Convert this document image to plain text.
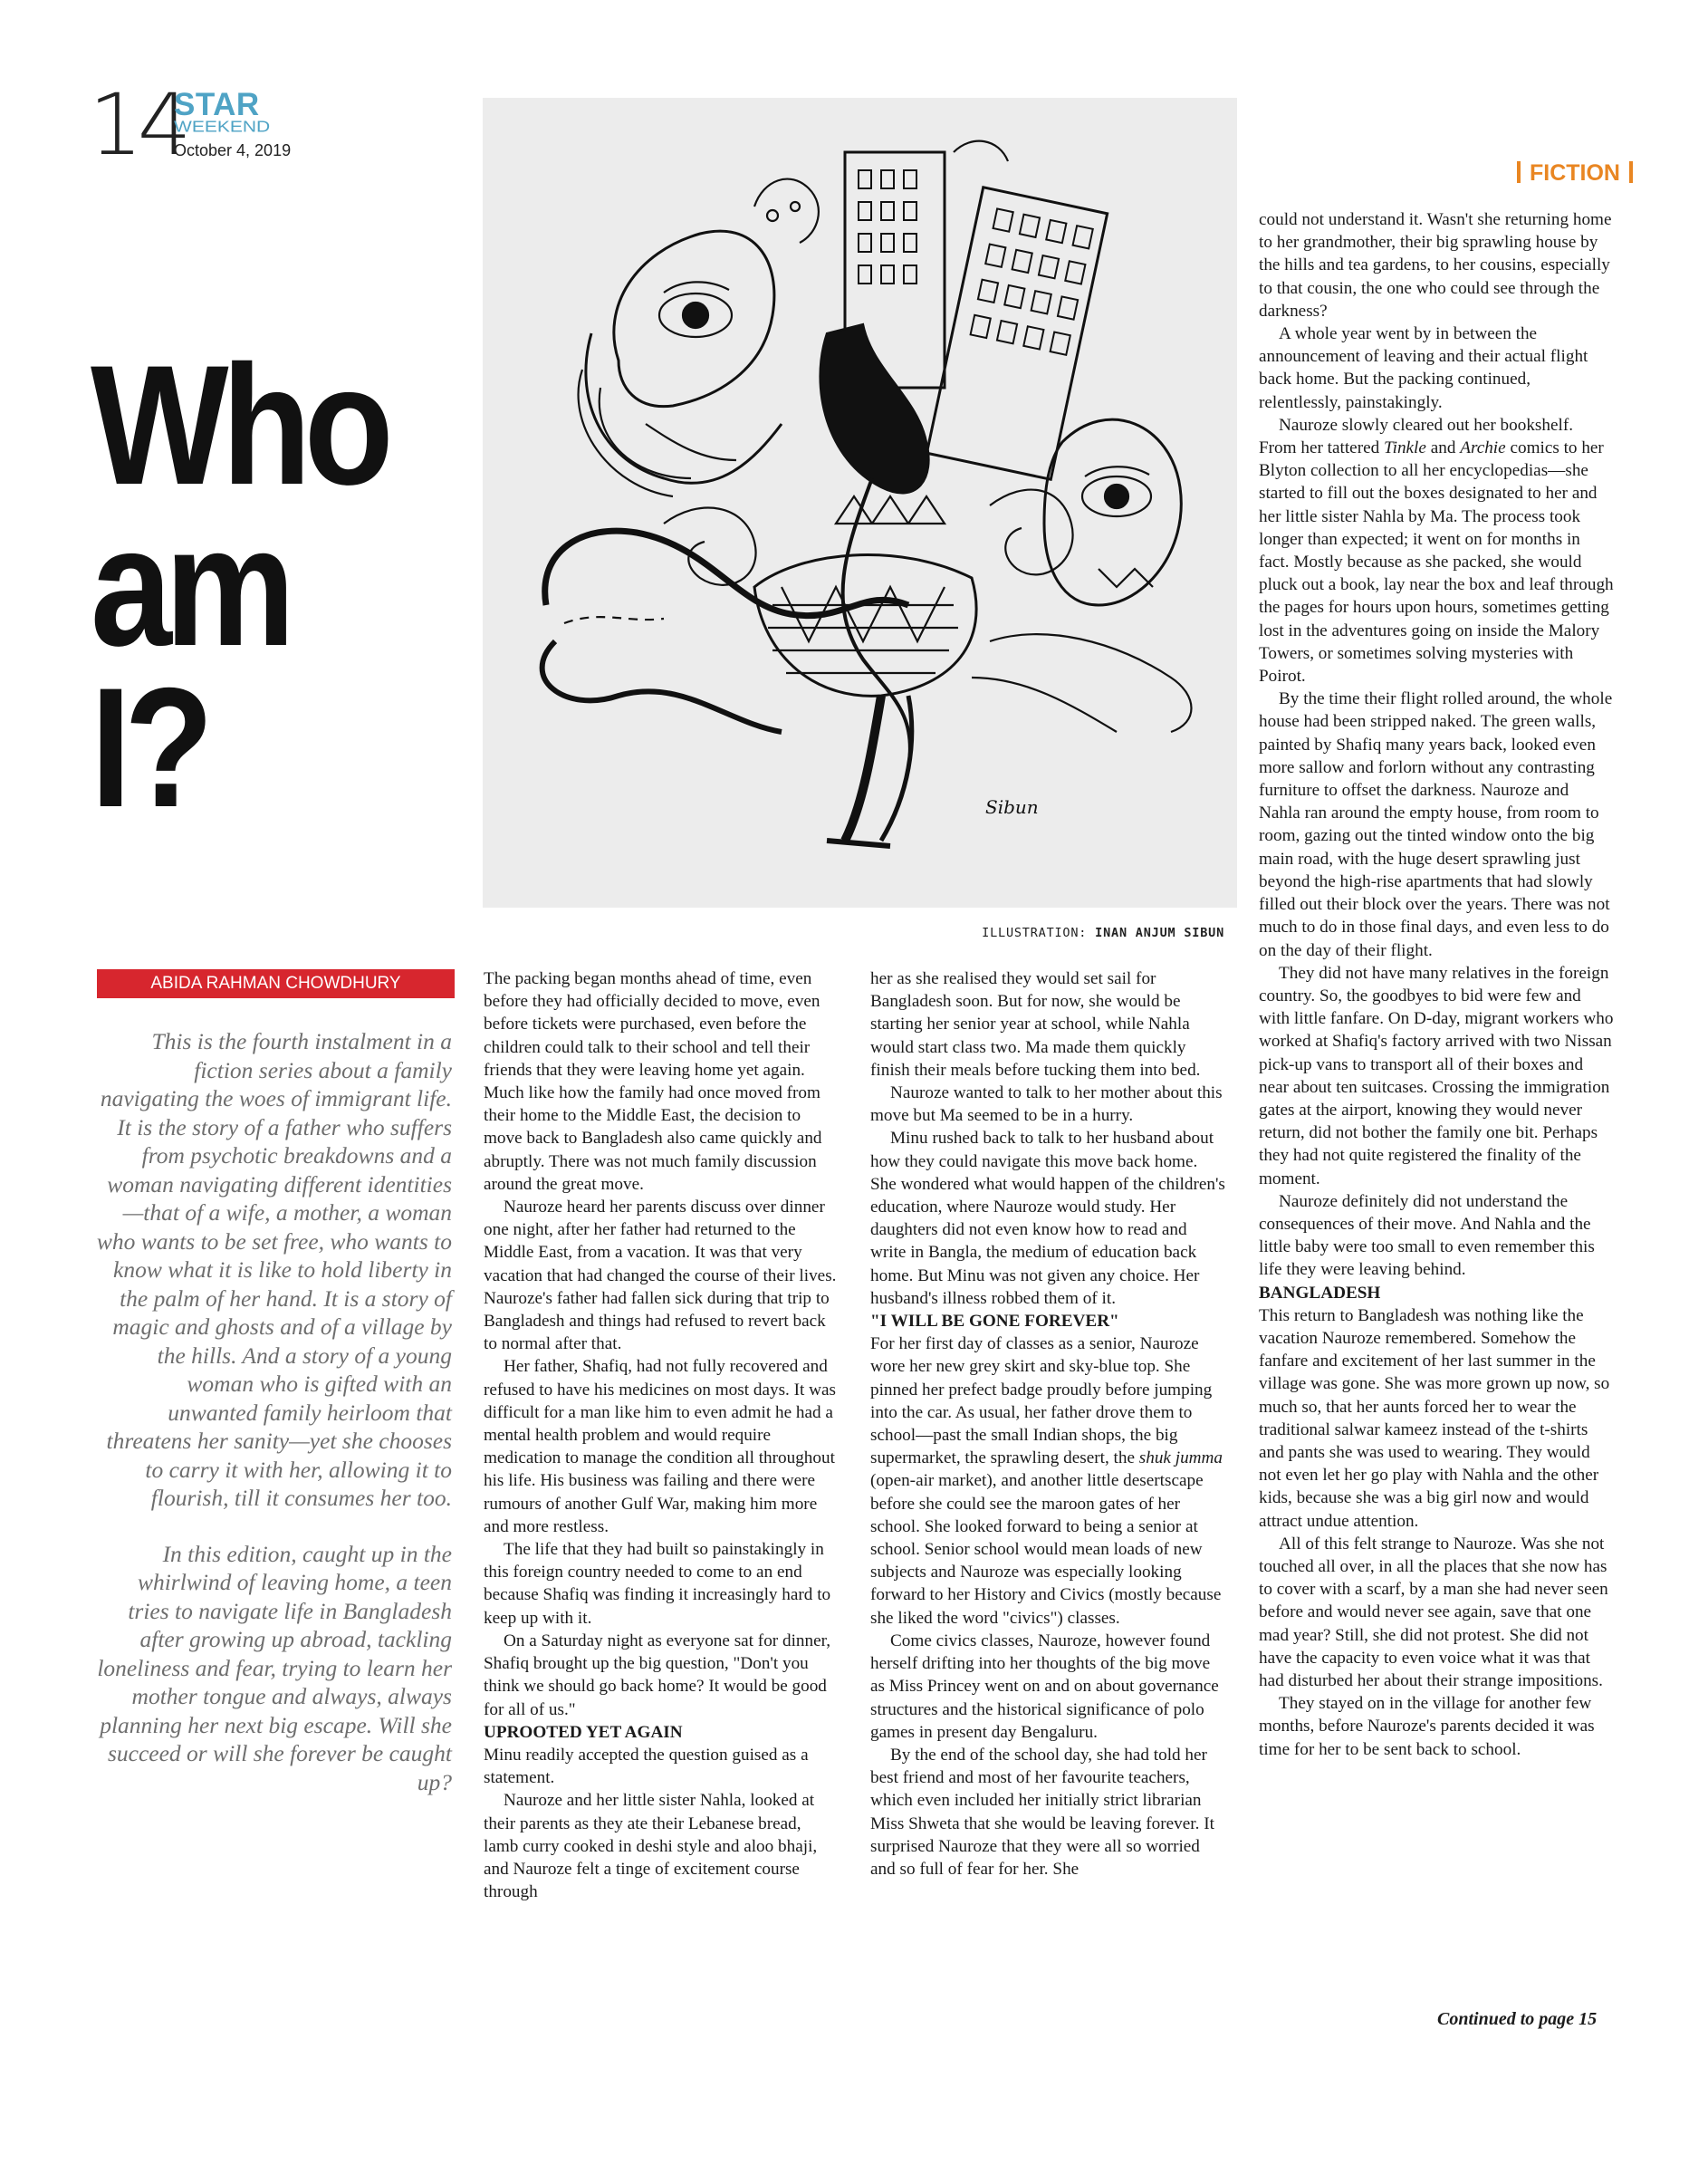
14
STAR
WEEKEND
October 4, 2019
FICTION
Who
am
I?	Sibun
ILLUSTRATION: INAN ANJUM SIBUN
ABIDA RAHMAN CHOWDHURY

This is the fourth instalment in a fiction series about a family navigating the woes of immigrant life. It is the story of a father who suffers from psychotic breakdowns and a woman navigating different identities—that of a wife, a mother, a woman who wants to be set free, who wants to know what it is like to hold liberty in the palm of her hand. It is a story of magic and ghosts and of a village by the hills. And a story of a young woman who is gifted with an unwanted family heirloom that threatens her sanity—yet she chooses to carry it with her, allowing it to flourish, till it consumes her too.

In this edition, caught up in the whirlwind of leaving home, a teen tries to navigate life in Bangladesh after growing up abroad, tackling loneliness and fear, trying to learn her mother tongue and always, always planning her next big escape. Will she succeed or will she forever be caught up?

The packing began months ahead of time, even before they had officially decided to move, even before tickets were purchased, even before the children could talk to their school and tell their friends that they were leaving home yet again. Much like how the family had once moved from their home to the Middle East, the decision to move back to Bangladesh also came quickly and abruptly. There was not much family discussion around the great move.

Nauroze heard her parents discuss over dinner one night, after her father had returned to the Middle East, from a vacation. It was that very vacation that had changed the course of their lives. Nauroze's father had fallen sick during that trip to Bangladesh and things had refused to revert back to normal after that.

Her father, Shafiq, had not fully recovered and refused to have his medicines on most days. It was difficult for a man like him to even admit he had a mental health problem and would require medication to manage the condition all throughout his life. His business was failing and there were rumours of another Gulf War, making him more and more restless.

The life that they had built so painstakingly in this foreign country needed to come to an end because Shafiq was finding it increasingly hard to keep up with it.

On a Saturday night as everyone sat for dinner, Shafiq brought up the big question, "Don't you think we should go back home? It would be good for all of us."

UPROOTED YET AGAIN

Minu readily accepted the question guised as a statement.

Nauroze and her little sister Nahla, looked at their parents as they ate their Lebanese bread, lamb curry cooked in deshi style and aloo bhaji, and Nauroze felt a tinge of excitement course through

her as she realised they would set sail for Bangladesh soon. But for now, she would be starting her senior year at school, while Nahla would start class two. Ma made them quickly finish their meals before tucking them into bed.

Nauroze wanted to talk to her mother about this move but Ma seemed to be in a hurry.

Minu rushed back to talk to her husband about how they could navigate this move back home. She wondered what would happen of the children's education, where Nauroze would study. Her daughters did not even know how to read and write in Bangla, the medium of education back home. But Minu was not given any choice. Her husband's illness robbed them of it.

"I WILL BE GONE FOREVER"

For her first day of classes as a senior, Nauroze wore her new grey skirt and sky-blue top. She pinned her prefect badge proudly before jumping into the car. As usual, her father drove them to school—past the small Indian shops, the big supermarket, the sprawling desert, the shuk jumma (open-air market), and another little desertscape before she could see the maroon gates of her school. She looked forward to being a senior at school. Senior school would mean loads of new subjects and Nauroze was especially looking forward to her History and Civics (mostly because she liked the word "civics") classes.

Come civics classes, Nauroze, however found herself drifting into her thoughts of the big move as Miss Princey went on and on about governance structures and the historical significance of polo games in present day Bengaluru.

By the end of the school day, she had told her best friend and most of her favourite teachers, which even included her initially strict librarian Miss Shweta that she would be leaving forever. It surprised Nauroze that they were all so worried and so full of fear for her. She

could not understand it. Wasn't she returning home to her grandmother, their big sprawling house by the hills and tea gardens, to her cousins, especially to that cousin, the one who could see through the darkness?

A whole year went by in between the announcement of leaving and their actual flight back home. But the packing continued, relentlessly, painstakingly.

Nauroze slowly cleared out her bookshelf. From her tattered Tinkle and Archie comics to her Blyton collection to all her encyclopedias—she started to fill out the boxes designated to her and her little sister Nahla by Ma. The process took longer than expected; it went on for months in fact. Mostly because as she packed, she would pluck out a book, lay near the box and leaf through the pages for hours upon hours, sometimes getting lost in the adventures going on inside the Malory Towers, or sometimes solving mysteries with Poirot.

By the time their flight rolled around, the whole house had been stripped naked. The green walls, painted by Shafiq many years back, looked even more sallow and forlorn without any contrasting furniture to offset the darkness. Nauroze and Nahla ran around the empty house, from room to room, gazing out the tinted window onto the big main road, with the huge desert sprawling just beyond the high-rise apartments that had slowly filled out their block over the years. There was not much to do in those final days, and even less to do on the day of their flight.

They did not have many relatives in the foreign country. So, the goodbyes to bid were few and with little fanfare. On D-day, migrant workers who worked at Shafiq's factory arrived with two Nissan pick-up vans to transport all of their boxes and near about ten suitcases. Crossing the immigration gates at the airport, knowing they would never return, did not bother the family one bit. Perhaps they had not quite registered the finality of the moment.

Nauroze definitely did not understand the consequences of their move. And Nahla and the little baby were too small to even remember this life they were leaving behind.

BANGLADESH

This return to Bangladesh was nothing like the vacation Nauroze remembered. Somehow the fanfare and excitement of her last summer in the village was gone. She was more grown up now, so much so, that her aunts forced her to wear the traditional salwar kameez instead of the t-shirts and pants she was used to wearing. They would not even let her go play with Nahla and the other kids, because she was a big girl now and would attract undue attention.

All of this felt strange to Nauroze. Was she not touched all over, in all the places that she now has to cover with a scarf, by a man she had never seen before and would never see again, save that one mad year? Still, she did not protest. She did not have the capacity to even voice what it was that had disturbed her about their strange impositions.

They stayed on in the village for another few months, before Nauroze's parents decided it was time for her to be sent back to school.

Continued to page 15
